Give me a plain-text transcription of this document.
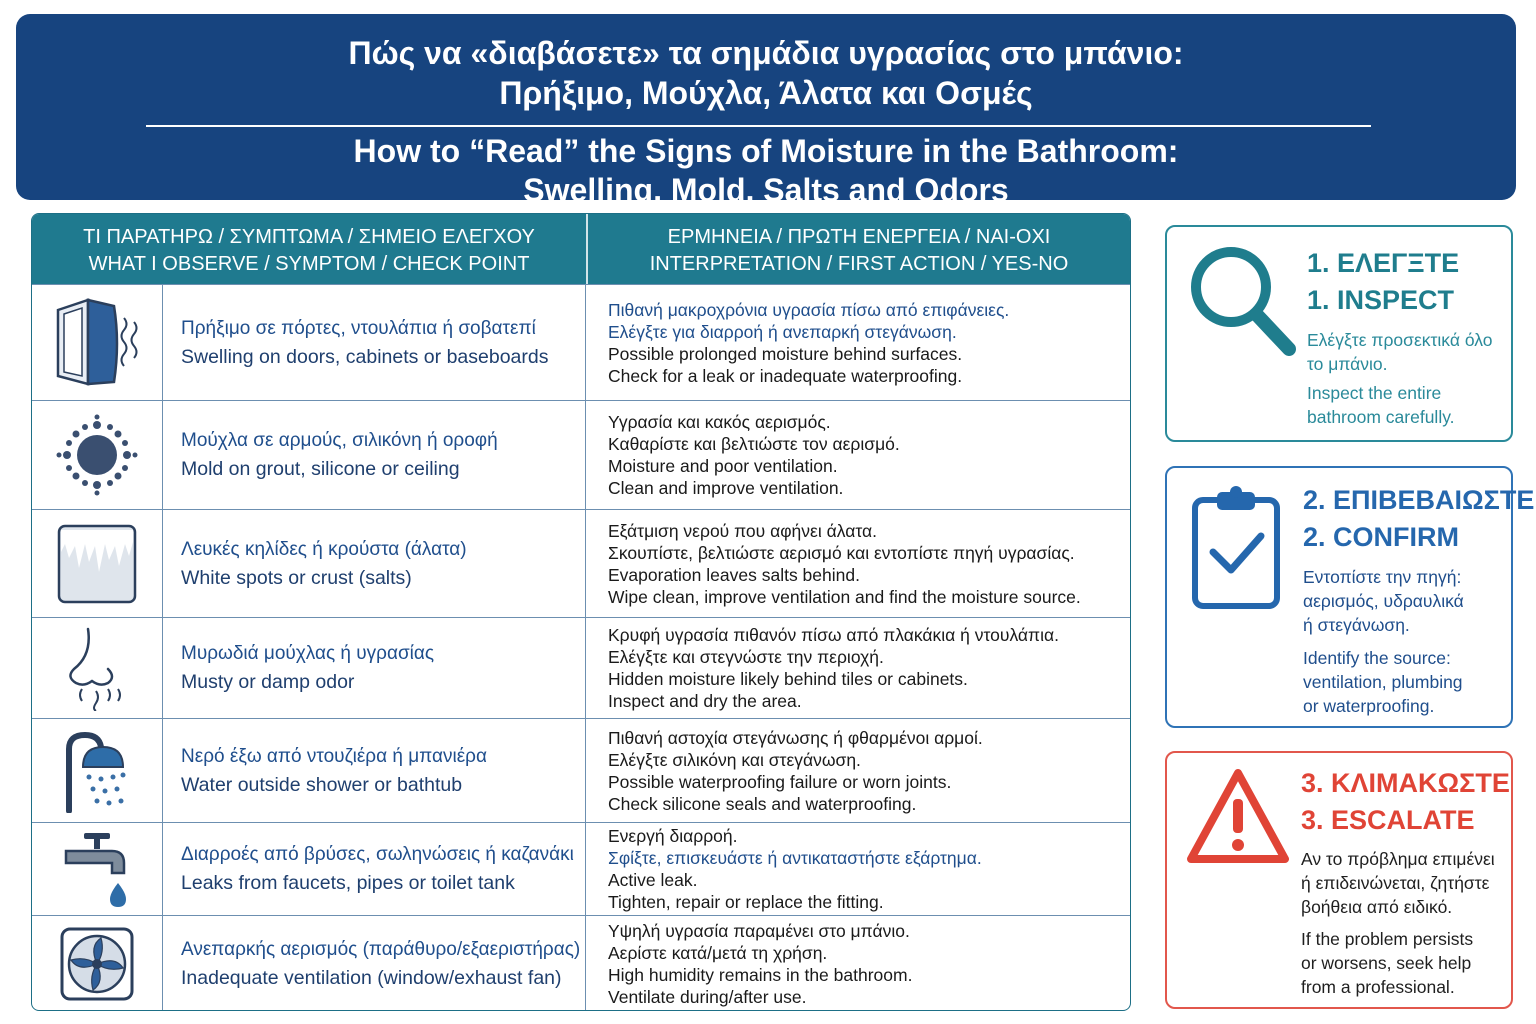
Πώς να «διαβάσετε» τα σημάδια υγρασίας στο μπάνιο:
Πρήξιμο, Μούχλα, Άλατα και Οσμές
How to “Read” the Signs of Moisture in the Bathroom:
Swelling, Mold, Salts and Odors
ΤΙ ΠΑΡΑΤΗΡΩ / ΣΥΜΠΤΩΜΑ / ΣΗΜΕΙΟ ΕΛΕΓΧΟΥ
WHAT I OBSERVE / SYMPTOM / CHECK POINT
ΕΡΜΗΝΕΙΑ / ΠΡΩΤΗ ΕΝΕΡΓΕΙΑ / ΝΑΙ-ΟΧΙ
INTERPRETATION / FIRST ACTION / YES-NO
Πρήξιμο σε πόρτες, ντουλάπια ή σοβατεπί
Swelling on doors, cabinets or baseboards
Πιθανή μακροχρόνια υγρασία πίσω από επιφάνειες.
Ελέγξτε για διαρροή ή ανεπαρκή στεγάνωση.
Possible prolonged moisture behind surfaces.
Check for a leak or inadequate waterproofing.
Μούχλα σε αρμούς, σιλικόνη ή οροφή
Mold on grout, silicone or ceiling
Υγρασία και κακός αερισμός.
Καθαρίστε και βελτιώστε τον αερισμό.
Moisture and poor ventilation.
Clean and improve ventilation.
Λευκές κηλίδες ή κρούστα (άλατα)
White spots or crust (salts)
Εξάτμιση νερού που αφήνει άλατα.
Σκουπίστε, βελτιώστε αερισμό και εντοπίστε πηγή υγρασίας.
Evaporation leaves salts behind.
Wipe clean, improve ventilation and find the moisture source.
Μυρωδιά μούχλας ή υγρασίας
Musty or damp odor
Κρυφή υγρασία πιθανόν πίσω από πλακάκια ή ντουλάπια.
Ελέγξτε και στεγνώστε την περιοχή.
Hidden moisture likely behind tiles or cabinets.
Inspect and dry the area.
Νερό έξω από ντουζιέρα ή μπανιέρα
Water outside shower or bathtub
Πιθανή αστοχία στεγάνωσης ή φθαρμένοι αρμοί.
Ελέγξτε σιλικόνη και στεγάνωση.
Possible waterproofing failure or worn joints.
Check silicone seals and waterproofing.
Διαρροές από βρύσες, σωληνώσεις ή καζανάκι
Leaks from faucets, pipes or toilet tank
Ενεργή διαρροή.
Σφίξτε, επισκευάστε ή αντικαταστήστε εξάρτημα.
Active leak.
Tighten, repair or replace the fitting.
Ανεπαρκής αερισμός (παράθυρο/εξαεριστήρας)
Inadequate ventilation (window/exhaust fan)
Υψηλή υγρασία παραμένει στο μπάνιο.
Αερίστε κατά/μετά τη χρήση.
High humidity remains in the bathroom.
Ventilate during/after use.
1. ΕΛΕΓΞΤΕ
1. INSPECT
Ελέγξτε προσεκτικά όλο
το μπάνιο.
Inspect the entire
bathroom carefully.
2. ΕΠΙΒΕΒΑΙΩΣΤΕ
2. CONFIRM
Εντοπίστε την πηγή:
αερισμός, υδραυλικά
ή στεγάνωση.
Identify the source:
ventilation, plumbing
or waterproofing.
3. ΚΛΙΜΑΚΩΣΤΕ
3. ESCALATE
Αν το πρόβλημα επιμένει
ή επιδεινώνεται, ζητήστε
βοήθεια από ειδικό.
If the problem persists
or worsens, seek help
from a professional.
